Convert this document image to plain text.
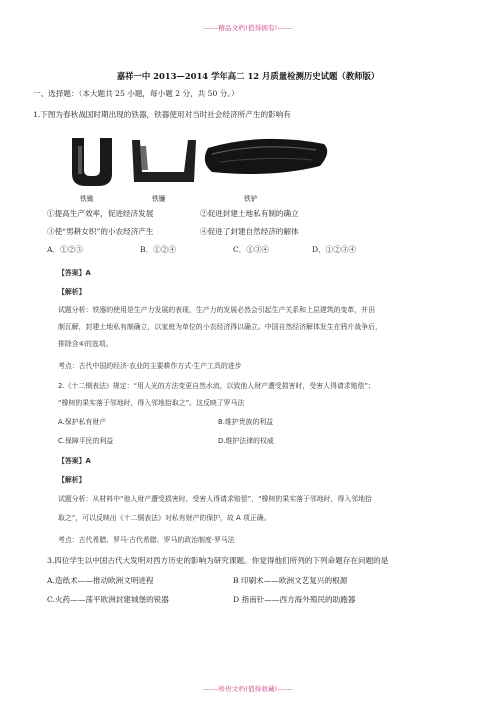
------精品文档!值得拥有!------
嘉祥一中 2013—2014 学年高二 12 月质量检测历史试题（教师版）
一、选择题：（本大题共 25 小题，每小题 2 分，共 50 分。）
1.下图为春秋战国时期出现的铁器，铁器使用对当时社会经济所产生的影响有
铁锄	铁镰	铁铲
①提高生产效率，促进经济发展	②促进封建土地私有制的确立
③使“男耕女织”的小农经济产生	④促进了封建自然经济的解体
A．①②③	B．①②④	C．①③④	D．①②③④
【答案】A
【解析】
试题分析：铁器的使用是生产力发展的表现，生产力的发展必然会引起生产关系和上层建筑的变革，井田
制瓦解，封建土地私有制确立，以家庭为单位的小农经济得以确立。中国自然经济解体发生在鸦片战争后，
排除含④的选项。
考点：古代中国的经济·农业的主要耕作方式·生产工具的进步
2.《十二铜表法》规定：“用人光的方法变更自然水流，以致他人财产遭受损害时，受害人得请求赔偿”；
“橡树的果实落于邻地时，得入邻地拾取之”。这反映了罗马法
A.保护私有财产	B.维护贵族的利益
C.保障平民的利益	D.维护法律的权威
【答案】A
【解析】
试题分析：从材料中“他人财产遭受损害时，受害人得请求赔偿”，“橡树的果实落于邻地时，得入邻地拾
取之”，可以反映出《十二铜表法》对私有财产的保护，故 A 项正确。
考点：古代希腊、罗马·古代希腊、罗马的政治制度·罗马法
3.四位学生以中国古代大发明对西方历史的影响为研究课题。你觉得他们所列的下列命题存在问题的是
A.造纸术——推动欧洲文明进程	B 印刷术——欧洲文艺复兴的根源
C.火药——荡平欧洲封建城堡的锐器	D 指南针——西方海外殖民的助跑器
------珍贵文档!值得收藏!------
